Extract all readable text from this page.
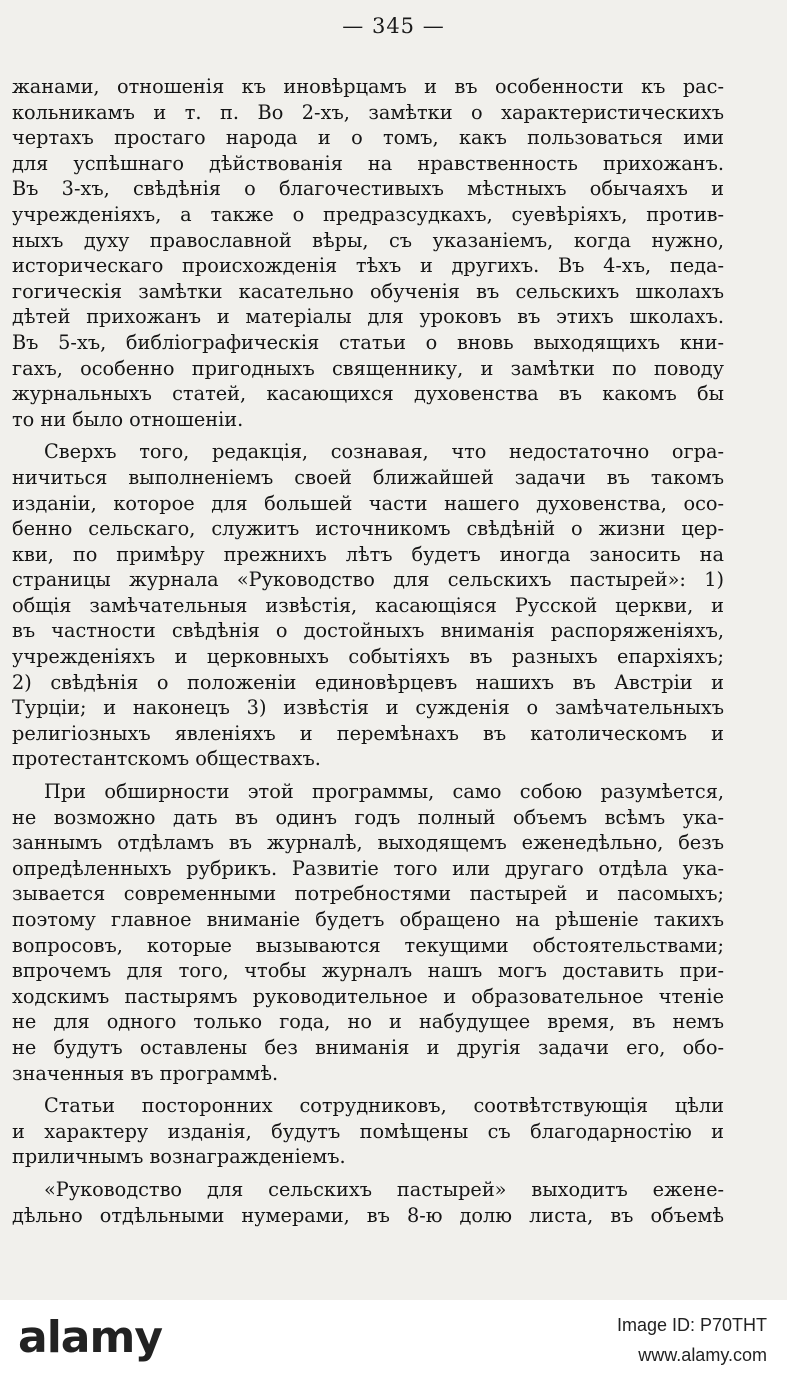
— 345 —
жанами, отношенія къ иновѣрцамъ и въ особенности къ рас-
кольникамъ и т. п. Во 2-хъ, замѣтки о характеристическихъ
чертахъ простаго народа и о томъ, какъ пользоваться ими
для успѣшнаго дѣйствованія на нравственность прихожанъ.
Въ 3-хъ, свѣдѣнія о благочестивыхъ мѣстныхъ обычаяхъ и
учрежденіяхъ, а также о предразсудкахъ, суевѣріяхъ, против-
ныхъ духу православной вѣры, съ указаніемъ, когда нужно,
историческаго происхожденія тѣхъ и другихъ. Въ 4-хъ, педа-
гогическія замѣтки касательно обученія въ сельскихъ школахъ
дѣтей прихожанъ и матеріалы для уроковъ въ этихъ школахъ.
Въ 5-хъ, библіографическія статьи о вновь выходящихъ кни-
гахъ, особенно пригодныхъ священнику, и замѣтки по поводу
журнальныхъ статей, касающихся духовенства въ какомъ бы
то ни было отношеніи.
Сверхъ того, редакція, сознавая, что недостаточно огра-
ничиться выполненіемъ своей ближайшей задачи въ такомъ
изданіи, которое для большей части нашего духовенства, осо-
бенно сельскаго, служитъ источникомъ свѣдѣній о жизни цер-
кви, по примѣру прежнихъ лѣтъ будетъ иногда заносить на
страницы журнала «Руководство для сельскихъ пастырей»: 1)
общія замѣчательныя извѣстія, касающіяся Русской церкви, и
въ частности свѣдѣнія о достойныхъ вниманія распоряженіяхъ,
учрежденіяхъ и церковныхъ событіяхъ въ разныхъ епархіяхъ;
2) свѣдѣнія о положеніи единовѣрцевъ нашихъ въ Австріи и
Турціи; и наконецъ 3) извѣстія и сужденія о замѣчательныхъ
религіозныхъ явленіяхъ и перемѣнахъ въ католическомъ и
протестантскомъ обществахъ.
При обширности этой программы, само собою разумѣется,
не возможно дать въ одинъ годъ полный объемъ всѣмъ ука-
заннымъ отдѣламъ въ журналѣ, выходящемъ еженедѣльно, безъ
опредѣленныхъ рубрикъ. Развитіе того или другаго отдѣла ука-
зывается современными потребностями пастырей и пасомыхъ;
поэтому главное вниманіе будетъ обращено на рѣшеніе такихъ
вопросовъ, которые вызываются текущими обстоятельствами;
впрочемъ для того, чтобы журналъ нашъ могъ доставить при-
ходскимъ пастырямъ руководительное и образовательное чтеніе
не для одного только года, но и набудущее время, въ немъ
не будутъ оставлены без вниманія и другія задачи его, обо-
значенныя въ программѣ.
Статьи посторонних сотрудниковъ, соотвѣтствующія цѣли
и характеру изданія, будутъ помѣщены съ благодарностію и
приличнымъ вознагражденіемъ.
«Руководство для сельскихъ пастырей» выходитъ еженe-
дѣльно отдѣльными нумерами, въ 8-ю долю листа, въ объемѣ
alamy	Image ID: P70THT
www.alamy.com
